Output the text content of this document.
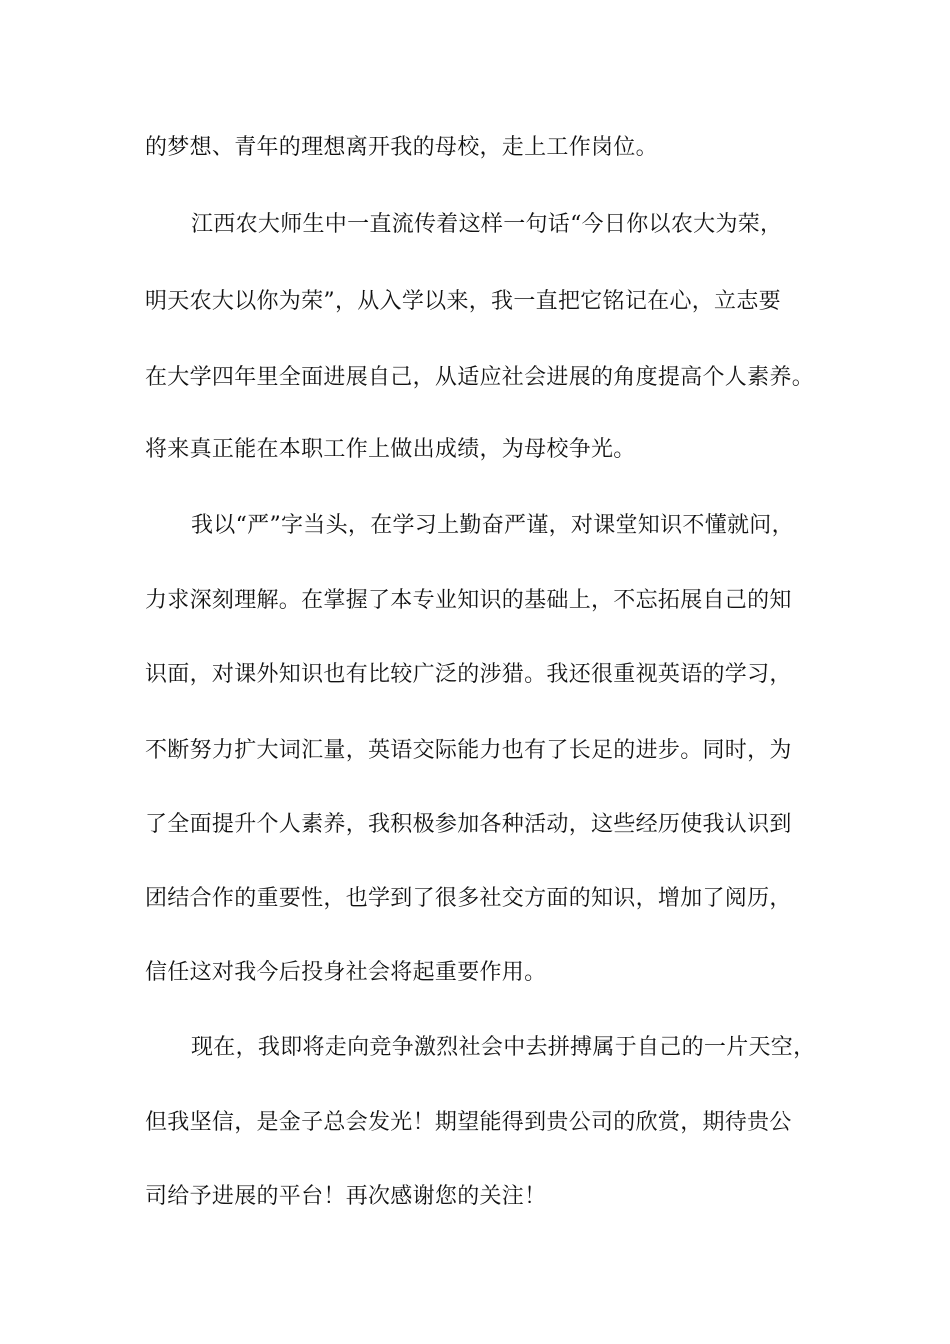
的梦想、青年的理想离开我的母校，走上工作岗位。
江西农大师生中一直流传着这样一句话“今日你以农大为荣，
明天农大以你为荣”，从入学以来，我一直把它铭记在心，立志要
在大学四年里全面进展自己，从适应社会进展的角度提高个人素养。
将来真正能在本职工作上做出成绩，为母校争光。
我以“严”字当头，在学习上勤奋严谨，对课堂知识不懂就问，
力求深刻理解。在掌握了本专业知识的基础上，不忘拓展自己的知
识面，对课外知识也有比较广泛的涉猎。我还很重视英语的学习，
不断努力扩大词汇量，英语交际能力也有了长足的进步。同时，为
了全面提升个人素养，我积极参加各种活动，这些经历使我认识到
团结合作的重要性，也学到了很多社交方面的知识，增加了阅历，
信任这对我今后投身社会将起重要作用。
现在，我即将走向竞争激烈社会中去拼搏属于自己的一片天空，
但我坚信，是金子总会发光！期望能得到贵公司的欣赏，期待贵公
司给予进展的平台！再次感谢您的关注！
